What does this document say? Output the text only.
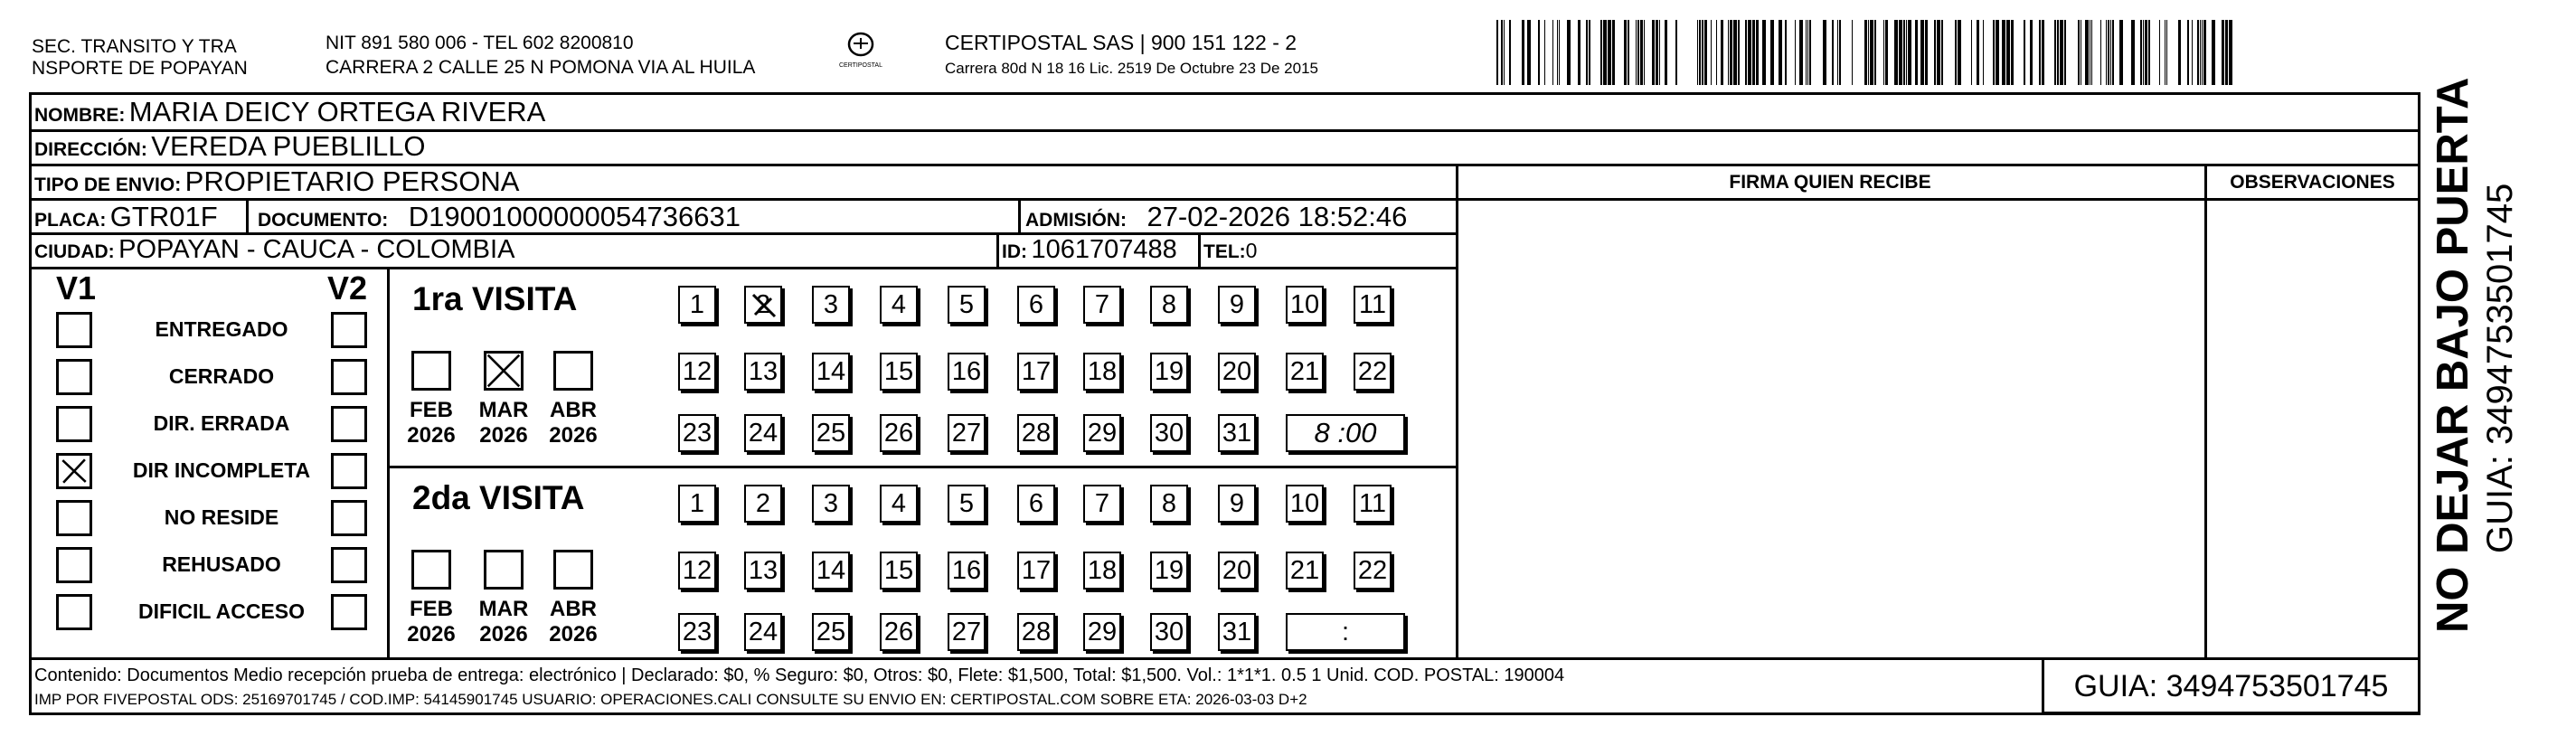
SEC. TRANSITO Y TRA
NSPORTE DE POPAYAN
NIT 891 580 006 - TEL 602 8200810
CARRERA 2 CALLE 25 N POMONA VIA AL HUILA	CERTIPOSTAL
CERTIPOSTAL SAS | 900 151 122 - 2
Carrera 80d N 18 16 Lic. 2519 De Octubre 23 De 2015
NOMBRE: MARIA DEICY ORTEGA RIVERA
DIRECCIÓN: VEREDA PUEBLILLO
TIPO DE ENVIO: PROPIETARIO PERSONA	FIRMA QUIEN RECIBE	OBSERVACIONES
PLACA: GTR01F DOCUMENTO: D19001000000054736631	ADMISIÓN: 27-02-2026 18:52:46
CIUDAD: POPAYAN - CAUCA - COLOMBIA	ID: 1061707488 TEL:0
V1	V2
ENTREGADO
CERRADO
DIR. ERRADA
DIR INCOMPLETA
NO RESIDE
REHUSADO
DIFICIL ACCESO
1ra VISITA
FEB
2026
MAR
2026
ABR
2026
1 2 3 4 5 6 7 8 9 10 11
12 13 14 15 16 17 18 19 20 21 22
23 24 25 26 27 28 29 30 31 8 :00
2da VISITA
FEB
2026
MAR
2026
ABR
2026
1 2 3 4 5 6 7 8 9 10 11
12 13 14 15 16 17 18 19 20 21 22
23 24 25 26 27 28 29 30 31	:
Contenido: Documentos Medio recepción prueba de entrega: electrónico | Declarado: $0, % Seguro: $0, Otros: $0, Flete: $1,500, Total: $1,500. Vol.: 1*1*1. 0.5 1 Unid. COD. POSTAL: 190004
IMP POR FIVEPOSTAL ODS: 25169701745 / COD.IMP: 54145901745 USUARIO: OPERACIONES.CALI CONSULTE SU ENVIO EN: CERTIPOSTAL.COM SOBRE ETA: 2026-03-03 D+2	GUIA: 3494753501745
NO DEJAR BAJO PUERTA GUIA: 3494753501745
